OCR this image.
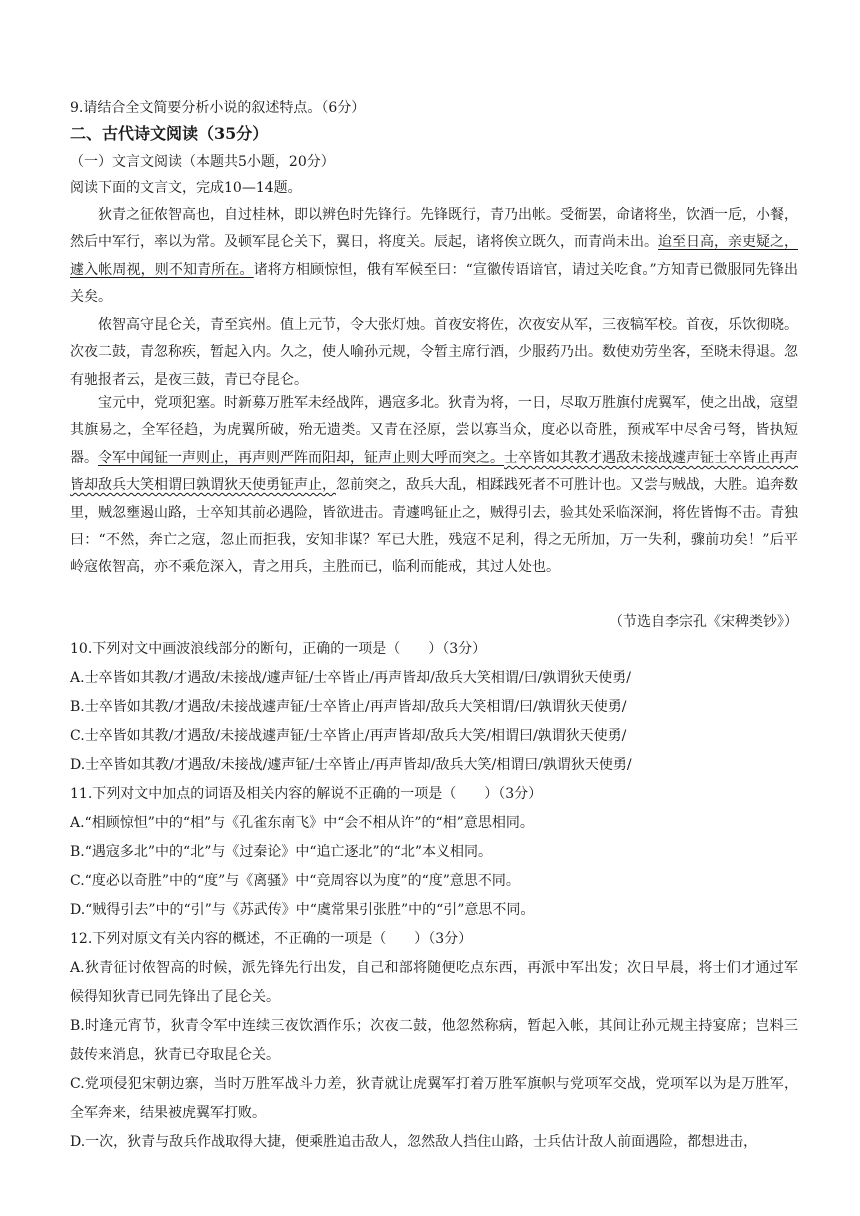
9.请结合全文简要分析小说的叙述特点。（6分）
二、古代诗文阅读（35分）
（一）文言文阅读（本题共5小题，20分）
阅读下面的文言文，完成10—14题。
狄青之征侬智高也，自过桂林，即以辨色时先锋行。先锋既行，青乃出帐。受衙罢，命诸将坐，饮酒一卮，小餐，然后中军行，率以为常。及顿军昆仑关下，翼日，将度关。辰起，诸将俟立既久，而青尚未出。迨至日高，亲吏疑之，遽入帐周视，则不知青所在。诸将方相顾惊怛，俄有军候至曰：“宣徽传语谙官，请过关吃食。”方知青已微服同先锋出关矣。
侬智高守昆仑关，青至宾州。值上元节，令大张灯烛。首夜安将佐，次夜安从军，三夜犒军校。首夜，乐饮彻晓。次夜二鼓，青忽称疾，暂起入内。久之，使人喻孙元规，令暂主席行酒，少服药乃出。数使劝劳坐客，至晓未得退。忽有驰报者云，是夜三鼓，青已夺昆仑。
宝元中，党项犯塞。时新募万胜军未经战阵，遇寇多北。狄青为将，一日，尽取万胜旗付虎翼军，使之出战，寇望其旗易之，全军径趋，为虎翼所破，殆无遗类。又青在泾原，尝以寡当众，度必以奇胜，预戒军中尽舍弓弩，皆执短器。令军中闻钲一声则止，再声则严阵而阳却，钲声止则大呼而突之。士卒皆如其教才遇敌未接战遽声钲士卒皆止再声皆却敌兵大笑相谓曰孰谓狄天使勇钲声止，忽前突之，敌兵大乱，相蹂践死者不可胜计也。又尝与贼战，大胜。追奔数里，贼忽壅遏山路，士卒知其前必遇险，皆欲进击。青遽鸣钲止之，贼得引去，验其处采临深涧，将佐皆悔不击。青独曰：“不然，奔亡之寇，忽止而拒我，安知非谋？军已大胜，残寇不足利，得之无所加，万一失利，骤前功矣！”后平岭寇侬智高，亦不乘危深入，青之用兵，主胜而已，临利而能戒，其过人处也。
（节选自李宗孔《宋稗类钞》）
10.下列对文中画波浪线部分的断句，正确的一项是（　　）（3分）
A.士卒皆如其教/才遇敌/未接战/遽声钲/士卒皆止/再声皆却/敌兵大笑相谓/曰/孰谓狄天使勇/
B.士卒皆如其教/才遇敌/未接战遽声钲/士卒皆止/再声皆却/敌兵大笑相谓/曰/孰谓狄天使勇/
C.士卒皆如其教/才遇敌/未接战遽声钲/士卒皆止/再声皆却/敌兵大笑/相谓曰/孰谓狄天使勇/
D.士卒皆如其教/才遇敌/未接战/遽声钲/士卒皆止/再声皆却/敌兵大笑/相谓曰/孰谓狄天使勇/
11.下列对文中加点的词语及相关内容的解说不正确的一项是（　　）（3分）
A.“相顾惊怛”中的“相”与《孔雀东南飞》中“会不相从许”的“相”意思相同。
B.“遇寇多北”中的“北”与《过秦论》中“追亡逐北”的“北”本义相同。
C.“度必以奇胜”中的“度”与《离骚》中“竞周容以为度”的“度”意思不同。
D.“贼得引去”中的“引”与《苏武传》中“虞常果引张胜”中的“引”意思不同。
12.下列对原文有关内容的概述，不正确的一项是（　　）（3分）
A.狄青征讨侬智高的时候，派先锋先行出发，自己和部将随便吃点东西，再派中军出发；次日早晨，将士们才通过军候得知狄青已同先锋出了昆仑关。
B.时逢元宵节，狄青令军中连续三夜饮酒作乐；次夜二鼓，他忽然称病，暂起入帐，其间让孙元规主持宴席；岂料三鼓传来消息，狄青已夺取昆仑关。
C.党项侵犯宋朝边寨，当时万胜军战斗力差，狄青就让虎翼军打着万胜军旗帜与党项军交战，党项军以为是万胜军，全军奔来，结果被虎翼军打败。
D.一次，狄青与敌兵作战取得大捷，便乘胜追击敌人，忽然敌人挡住山路，士兵估计敌人前面遇险，都想进击，
